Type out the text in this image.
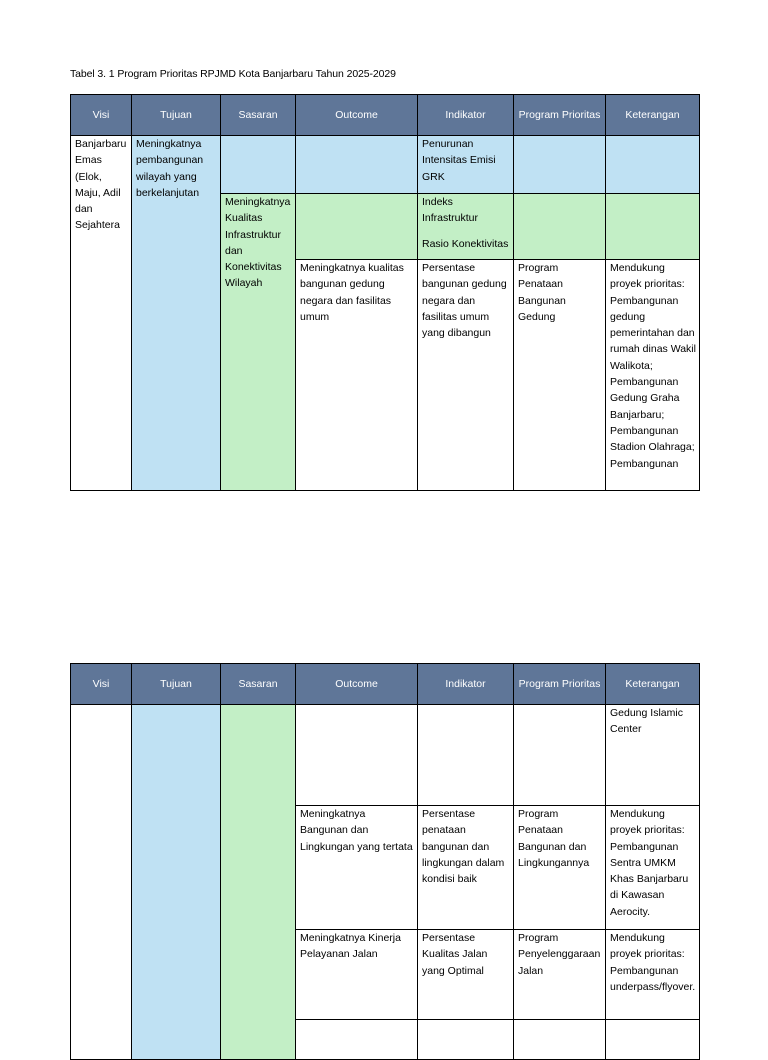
Tabel 3. 1 Program Prioritas RPJMD Kota Banjarbaru Tahun 2025-2029
Visi	Tujuan	Sasaran	Outcome	Indikator	Program Prioritas	Keterangan

Banjarbaru Emas (Elok, Maju, Adil dan Sejahtera	Meningkatnya pembangunan wilayah yang berkelanjutan			Penurunan Intensitas Emisi GRK		

		Meningkatnya Kualitas Infrastruktur dan Konektivitas Wilayah		Indeks Infrastruktur
Rasio Konektivitas		

			Meningkatnya kualitas bangunan gedung negara dan fasilitas umum	Persentase bangunan gedung negara dan fasilitas umum yang dibangun	Program Penataan Bangunan Gedung	Mendukung proyek prioritas: Pembangunan gedung pemerintahan dan rumah dinas Wakil Walikota; Pembangunan Gedung Graha Banjarbaru; Pembangunan Stadion Olahraga; Pembangunan
Visi	Tujuan	Sasaran	Outcome	Indikator	Program Prioritas	Keterangan

						Gedung Islamic Center

			Meningkatnya Bangunan dan Lingkungan yang tertata	Persentase penataan bangunan dan lingkungan dalam kondisi baik	Program Penataan Bangunan dan Lingkungannya	Mendukung proyek prioritas: Pembangunan Sentra UMKM Khas Banjarbaru di Kawasan Aerocity.

			Meningkatnya Kinerja Pelayanan Jalan	Persentase Kualitas Jalan yang Optimal	Program Penyelenggaraan Jalan	Mendukung proyek prioritas: Pembangunan underpass/flyover.
